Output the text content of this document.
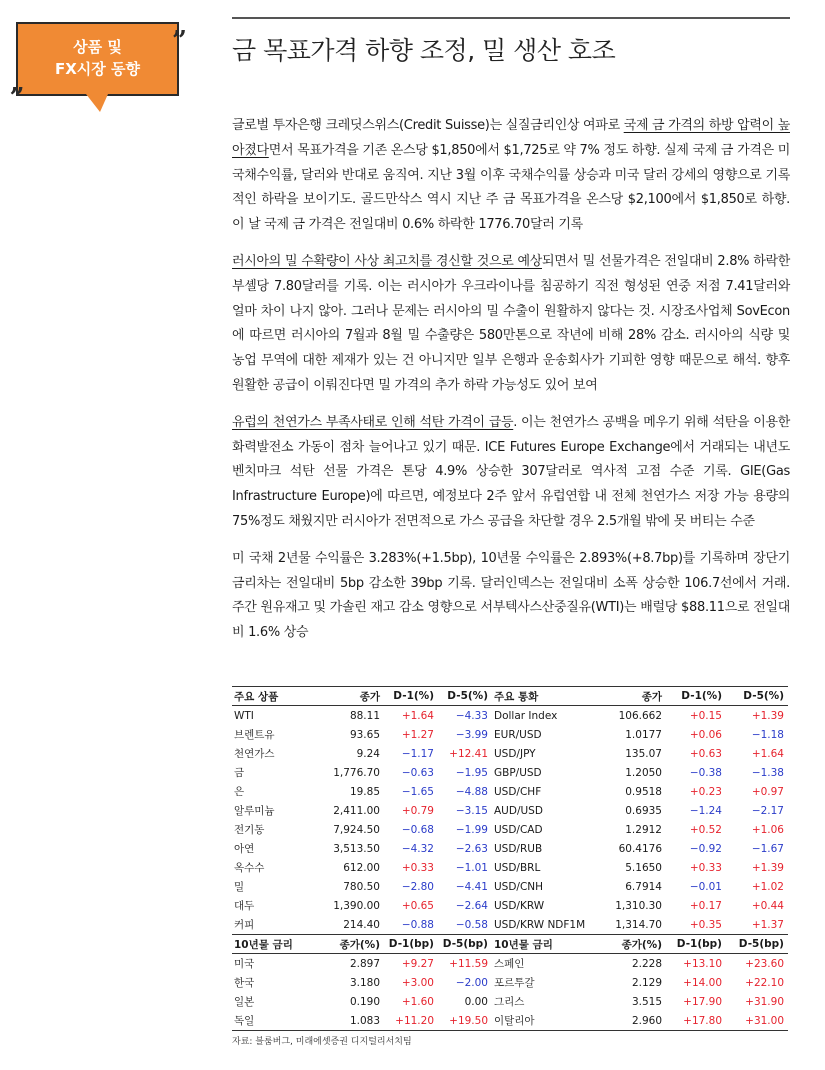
상품 및
FX시장 동향
”
„
금 목표가격 하향 조정, 밀 생산 호조

글로벌 투자은행 크레딧스위스(Credit Suisse)는 실질금리인상 여파로 국제 금 가격의 하방 압력이 높아졌다면서 목표가격을 기존 온스당 $1,850에서 $1,725로 약 7% 정도 하향. 실제 국제 금 가격은 미 국채수익률, 달러와 반대로 움직여. 지난 3월 이후 국채수익률 상승과 미국 달러 강세의 영향으로 기록적인 하락을 보이기도. 골드만삭스 역시 지난 주 금 목표가격을 온스당 $2,100에서 $1,850로 하향. 이 날 국제 금 가격은 전일대비 0.6% 하락한 1776.70달러 기록

러시아의 밀 수확량이 사상 최고치를 경신할 것으로 예상되면서 밀 선물가격은 전일대비 2.8% 하락한 부셸당 7.80달러를 기록. 이는 러시아가 우크라이나를 침공하기 직전 형성된 연중 저점 7.41달러와 얼마 차이 나지 않아. 그러나 문제는 러시아의 밀 수출이 원활하지 않다는 것. 시장조사업체 SovEcon에 따르면 러시아의 7월과 8월 밀 수출량은 580만톤으로 작년에 비해 28% 감소. 러시아의 식량 및 농업 무역에 대한 제재가 있는 건 아니지만 일부 은행과 운송회사가 기피한 영향 때문으로 해석. 향후 원활한 공급이 이뤄진다면 밀 가격의 추가 하락 가능성도 있어 보여

유럽의 천연가스 부족사태로 인해 석탄 가격이 급등. 이는 천연가스 공백을 메우기 위해 석탄을 이용한 화력발전소 가동이 점차 늘어나고 있기 때문. ICE Futures Europe Exchange에서 거래되는 내년도 벤치마크 석탄 선물 가격은 톤당 4.9% 상승한 307달러로 역사적 고점 수준 기록. GIE(Gas Infrastructure Europe)에 따르면, 예정보다 2주 앞서 유럽연합 내 전체 천연가스 저장 가능 용량의 75%정도 채웠지만 러시아가 전면적으로 가스 공급을 차단할 경우 2.5개월 밖에 못 버티는 수준

미 국채 2년물 수익률은 3.283%(+1.5bp), 10년물 수익률은 2.893%(+8.7bp)를 기록하며 장단기 금리차는 전일대비 5bp 감소한 39bp 기록. 달러인덱스는 전일대비 소폭 상승한 106.7선에서 거래. 주간 원유재고 및 가솔린 재고 감소 영향으로 서부텍사스산중질유(WTI)는 배럴당 $88.11으로 전일대비 1.6% 상승

주요 상품	종가	D-1(%)	D-5(%)	주요 통화	종가	D-1(%)	D-5(%)
WTI	88.11	+1.64	−4.33	Dollar Index	106.662	+0.15	+1.39
브렌트유	93.65	+1.27	−3.99	EUR/USD	1.0177	+0.06	−1.18
천연가스	9.24	−1.17	+12.41	USD/JPY	135.07	+0.63	+1.64
금	1,776.70	−0.63	−1.95	GBP/USD	1.2050	−0.38	−1.38
은	19.85	−1.65	−4.88	USD/CHF	0.9518	+0.23	+0.97
알루미늄	2,411.00	+0.79	−3.15	AUD/USD	0.6935	−1.24	−2.17
전기동	7,924.50	−0.68	−1.99	USD/CAD	1.2912	+0.52	+1.06
아연	3,513.50	−4.32	−2.63	USD/RUB	60.4176	−0.92	−1.67
옥수수	612.00	+0.33	−1.01	USD/BRL	5.1650	+0.33	+1.39
밀	780.50	−2.80	−4.41	USD/CNH	6.7914	−0.01	+1.02
대두	1,390.00	+0.65	−2.64	USD/KRW	1,310.30	+0.17	+0.44
커피	214.40	−0.88	−0.58	USD/KRW NDF1M	1,314.70	+0.35	+1.37
10년물 금리	종가(%)	D-1(bp)	D-5(bp)	10년물 금리	종가(%)	D-1(bp)	D-5(bp)
미국	2.897	+9.27	+11.59	스페인	2.228	+13.10	+23.60
한국	3.180	+3.00	−2.00	포르투갈	2.129	+14.00	+22.10
일본	0.190	+1.60	0.00	그리스	3.515	+17.90	+31.90
독일	1.083	+11.20	+19.50	이탈리아	2.960	+17.80	+31.00
자료: 블룸버그, 미래에셋증권 디지털리서치팀
